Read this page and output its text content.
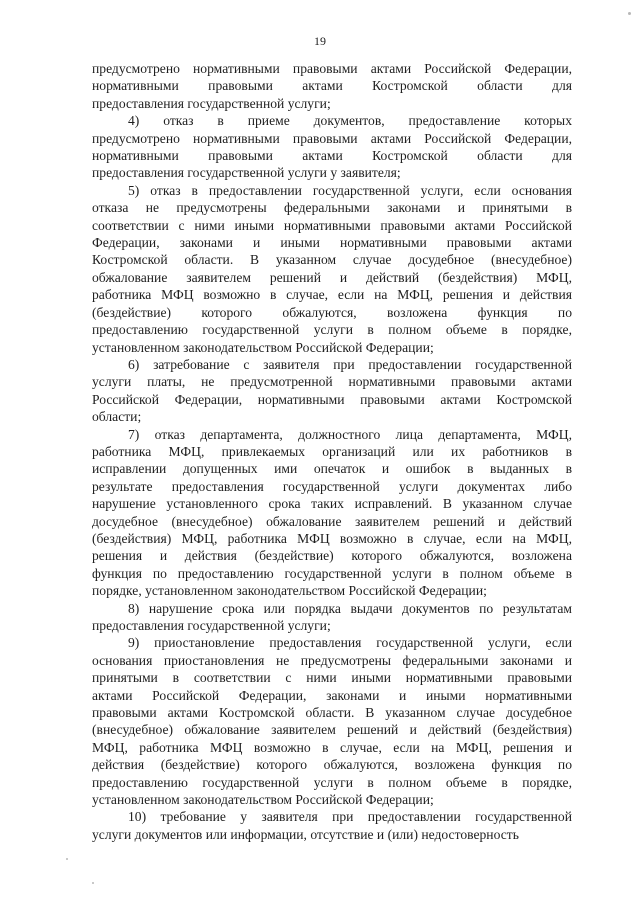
19
предусмотрено нормативными правовыми актами Российской Федерации,
нормативными правовыми актами Костромской области для
предоставления государственной услуги;
4) отказ в приеме документов, предоставление которых
предусмотрено нормативными правовыми актами Российской Федерации,
нормативными правовыми актами Костромской области для
предоставления государственной услуги у заявителя;
5) отказ в предоставлении государственной услуги, если основания
отказа не предусмотрены федеральными законами и принятыми в
соответствии с ними иными нормативными правовыми актами Российской
Федерации, законами и иными нормативными правовыми актами
Костромской области. В указанном случае досудебное (внесудебное)
обжалование заявителем решений и действий (бездействия) МФЦ,
работника МФЦ возможно в случае, если на МФЦ, решения и действия
(бездействие) которого обжалуются, возложена функция по
предоставлению государственной услуги в полном объеме в порядке,
установленном законодательством Российской Федерации;
6) затребование с заявителя при предоставлении государственной
услуги платы, не предусмотренной нормативными правовыми актами
Российской Федерации, нормативными правовыми актами Костромской
области;
7) отказ департамента, должностного лица департамента, МФЦ,
работника МФЦ, привлекаемых организаций или их работников в
исправлении допущенных ими опечаток и ошибок в выданных в
результате предоставления государственной услуги документах либо
нарушение установленного срока таких исправлений. В указанном случае
досудебное (внесудебное) обжалование заявителем решений и действий
(бездействия) МФЦ, работника МФЦ возможно в случае, если на МФЦ,
решения и действия (бездействие) которого обжалуются, возложена
функция по предоставлению государственной услуги в полном объеме в
порядке, установленном законодательством Российской Федерации;
8) нарушение срока или порядка выдачи документов по результатам
предоставления государственной услуги;
9) приостановление предоставления государственной услуги, если
основания приостановления не предусмотрены федеральными законами и
принятыми в соответствии с ними иными нормативными правовыми
актами Российской Федерации, законами и иными нормативными
правовыми актами Костромской области. В указанном случае досудебное
(внесудебное) обжалование заявителем решений и действий (бездействия)
МФЦ, работника МФЦ возможно в случае, если на МФЦ, решения и
действия (бездействие) которого обжалуются, возложена функция по
предоставлению государственной услуги в полном объеме в порядке,
установленном законодательством Российской Федерации;
10) требование у заявителя при предоставлении государственной
услуги документов или информации, отсутствие и (или) недостоверность
